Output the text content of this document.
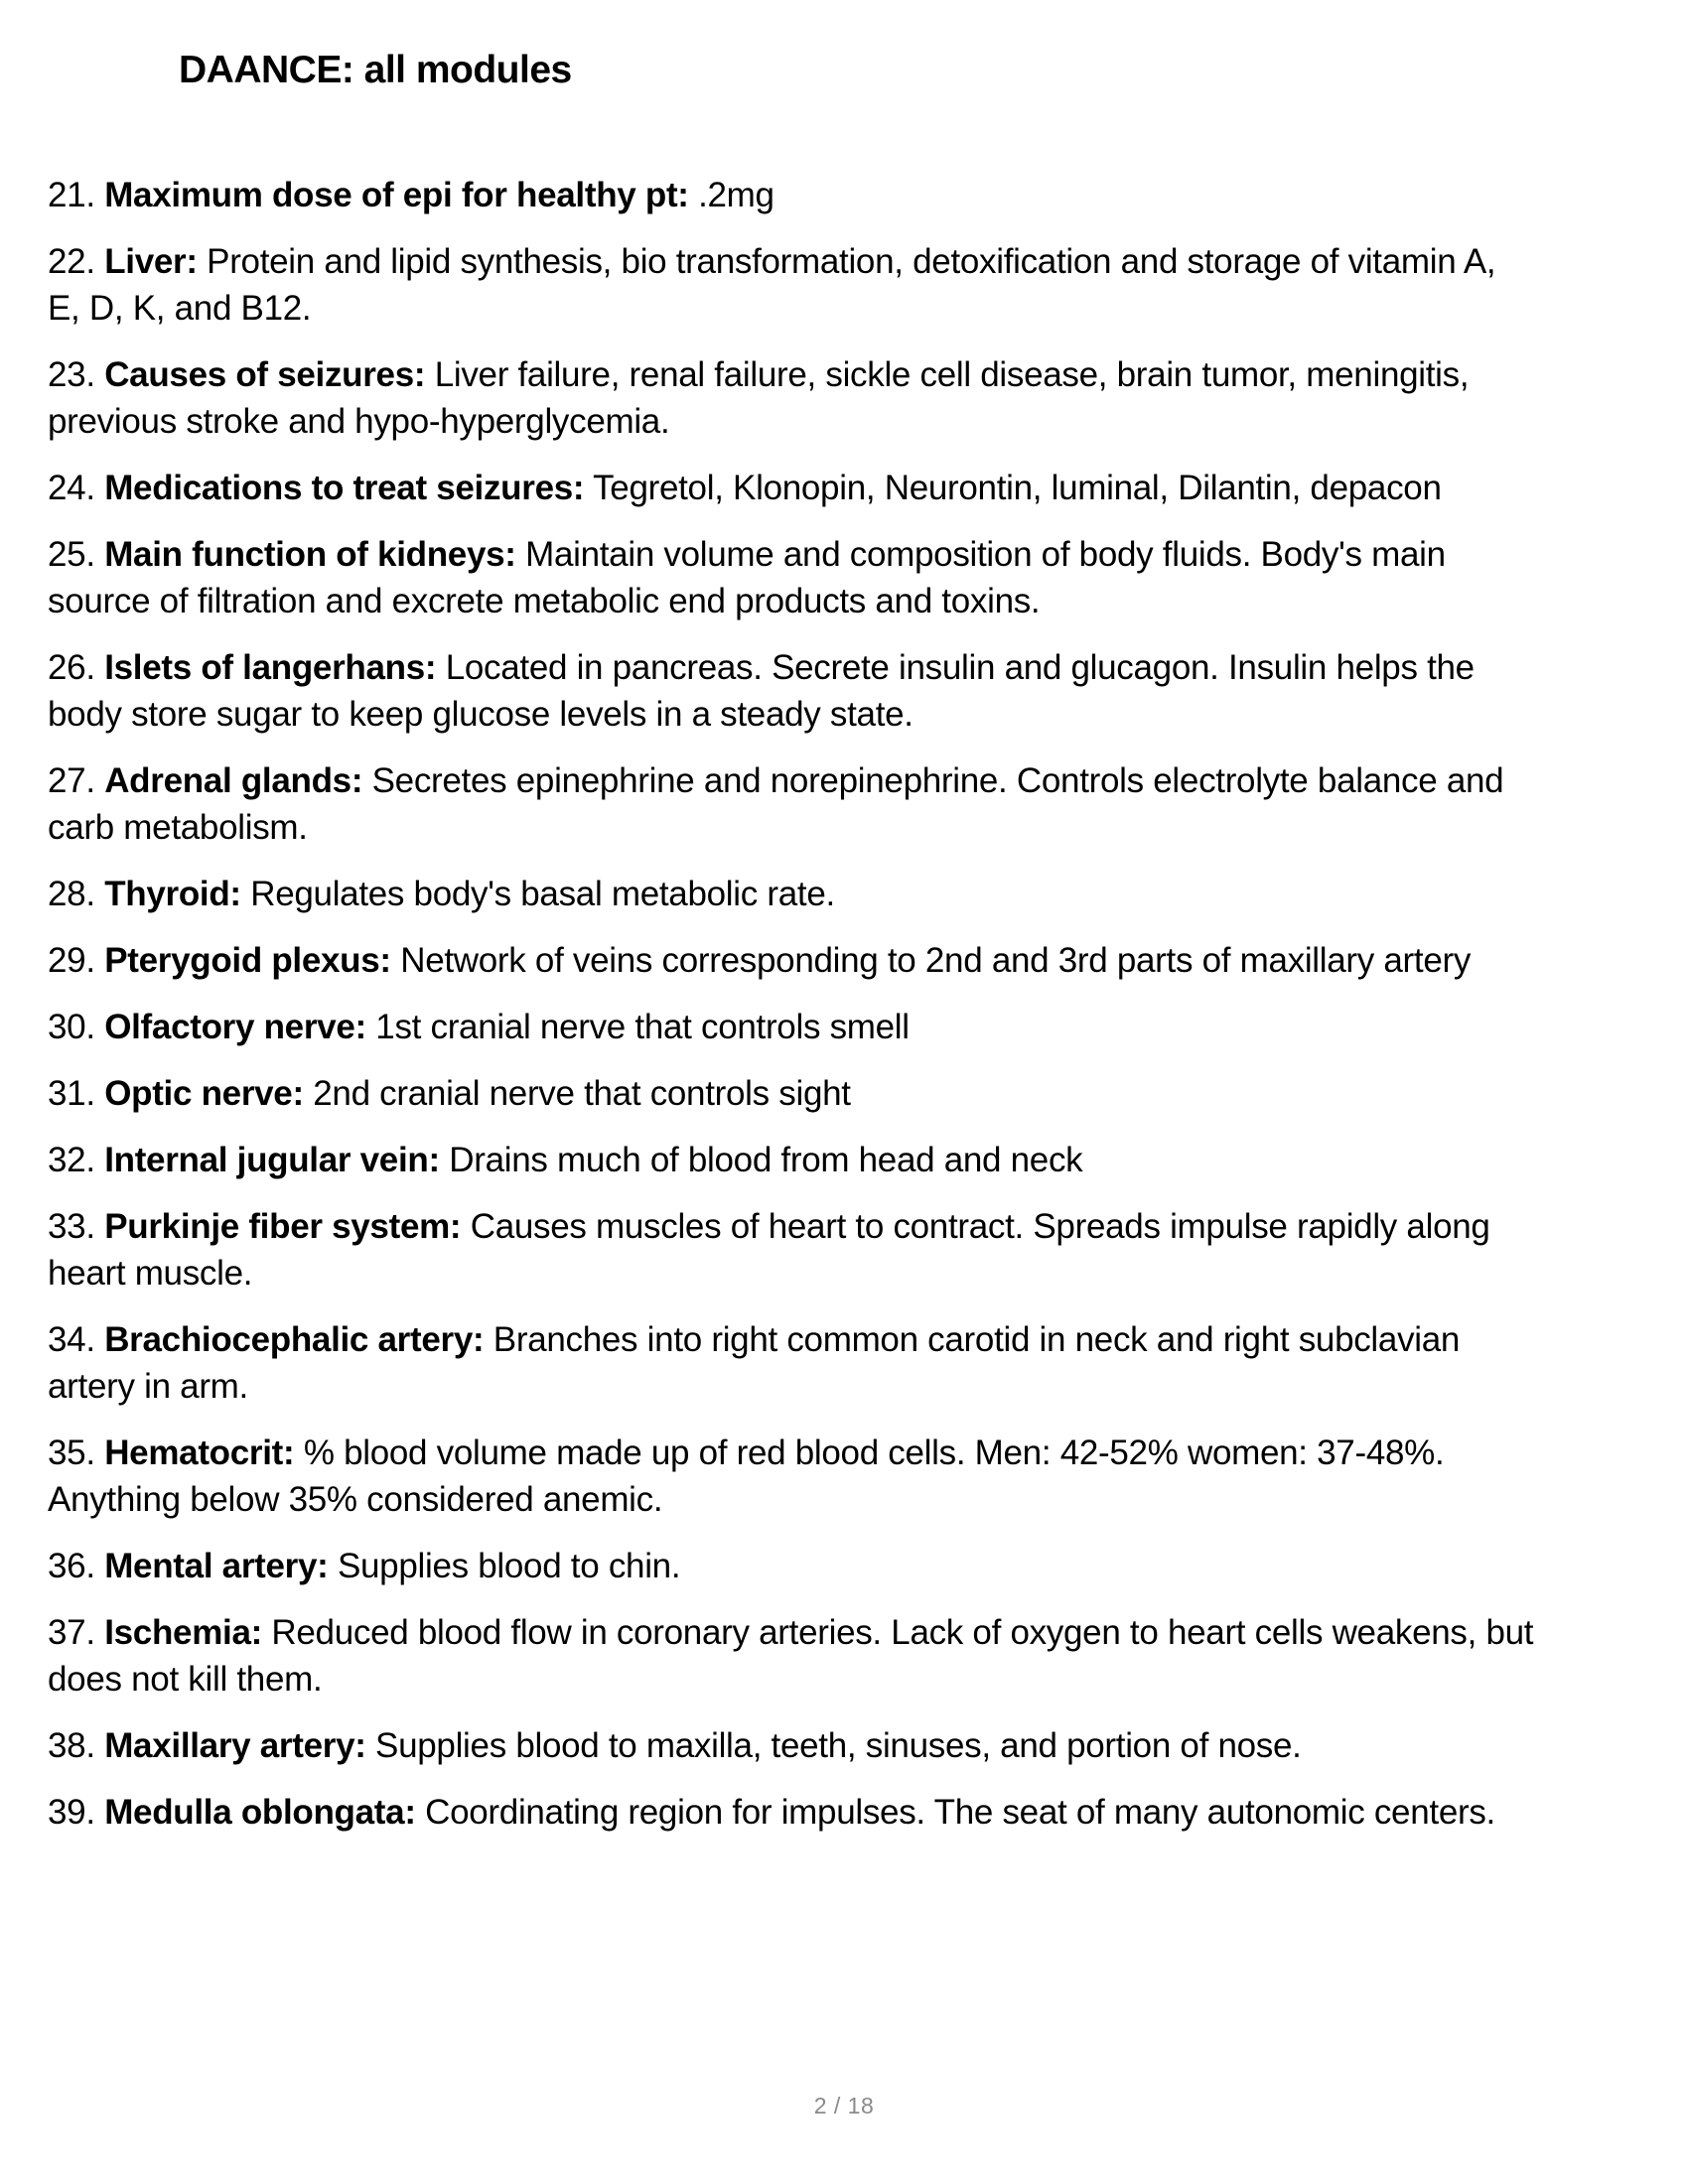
DAANCE: all modules

21. Maximum dose of epi for healthy pt: .2mg

22. Liver: Protein and lipid synthesis, bio transformation, detoxification and storage of vitamin A, E, D, K, and B12.

23. Causes of seizures: Liver failure, renal failure, sickle cell disease, brain tumor, meningitis, previous stroke and hypo-hyperglycemia.

24. Medications to treat seizures: Tegretol, Klonopin, Neurontin, luminal, Dilantin, depacon

25. Main function of kidneys: Maintain volume and composition of body fluids. Body's main source of filtration and excrete metabolic end products and toxins.

26. Islets of langerhans: Located in pancreas. Secrete insulin and glucagon. Insulin helps the body store sugar to keep glucose levels in a steady state.

27. Adrenal glands: Secretes epinephrine and norepinephrine. Controls electrolyte balance and carb metabolism.

28. Thyroid: Regulates body's basal metabolic rate.

29. Pterygoid plexus: Network of veins corresponding to 2nd and 3rd parts of maxillary artery

30. Olfactory nerve: 1st cranial nerve that controls smell

31. Optic nerve: 2nd cranial nerve that controls sight

32. Internal jugular vein: Drains much of blood from head and neck

33. Purkinje fiber system: Causes muscles of heart to contract. Spreads impulse rapidly along heart muscle.

34. Brachiocephalic artery: Branches into right common carotid in neck and right subclavian artery in arm.

35. Hematocrit: % blood volume made up of red blood cells. Men: 42-52% women: 37-48%. Anything below 35% considered anemic.

36. Mental artery: Supplies blood to chin.

37. Ischemia: Reduced blood flow in coronary arteries. Lack of oxygen to heart cells weakens, but does not kill them.

38. Maxillary artery: Supplies blood to maxilla, teeth, sinuses, and portion of nose.

39. Medulla oblongata: Coordinating region for impulses. The seat of many autonomic centers.

2 / 18
